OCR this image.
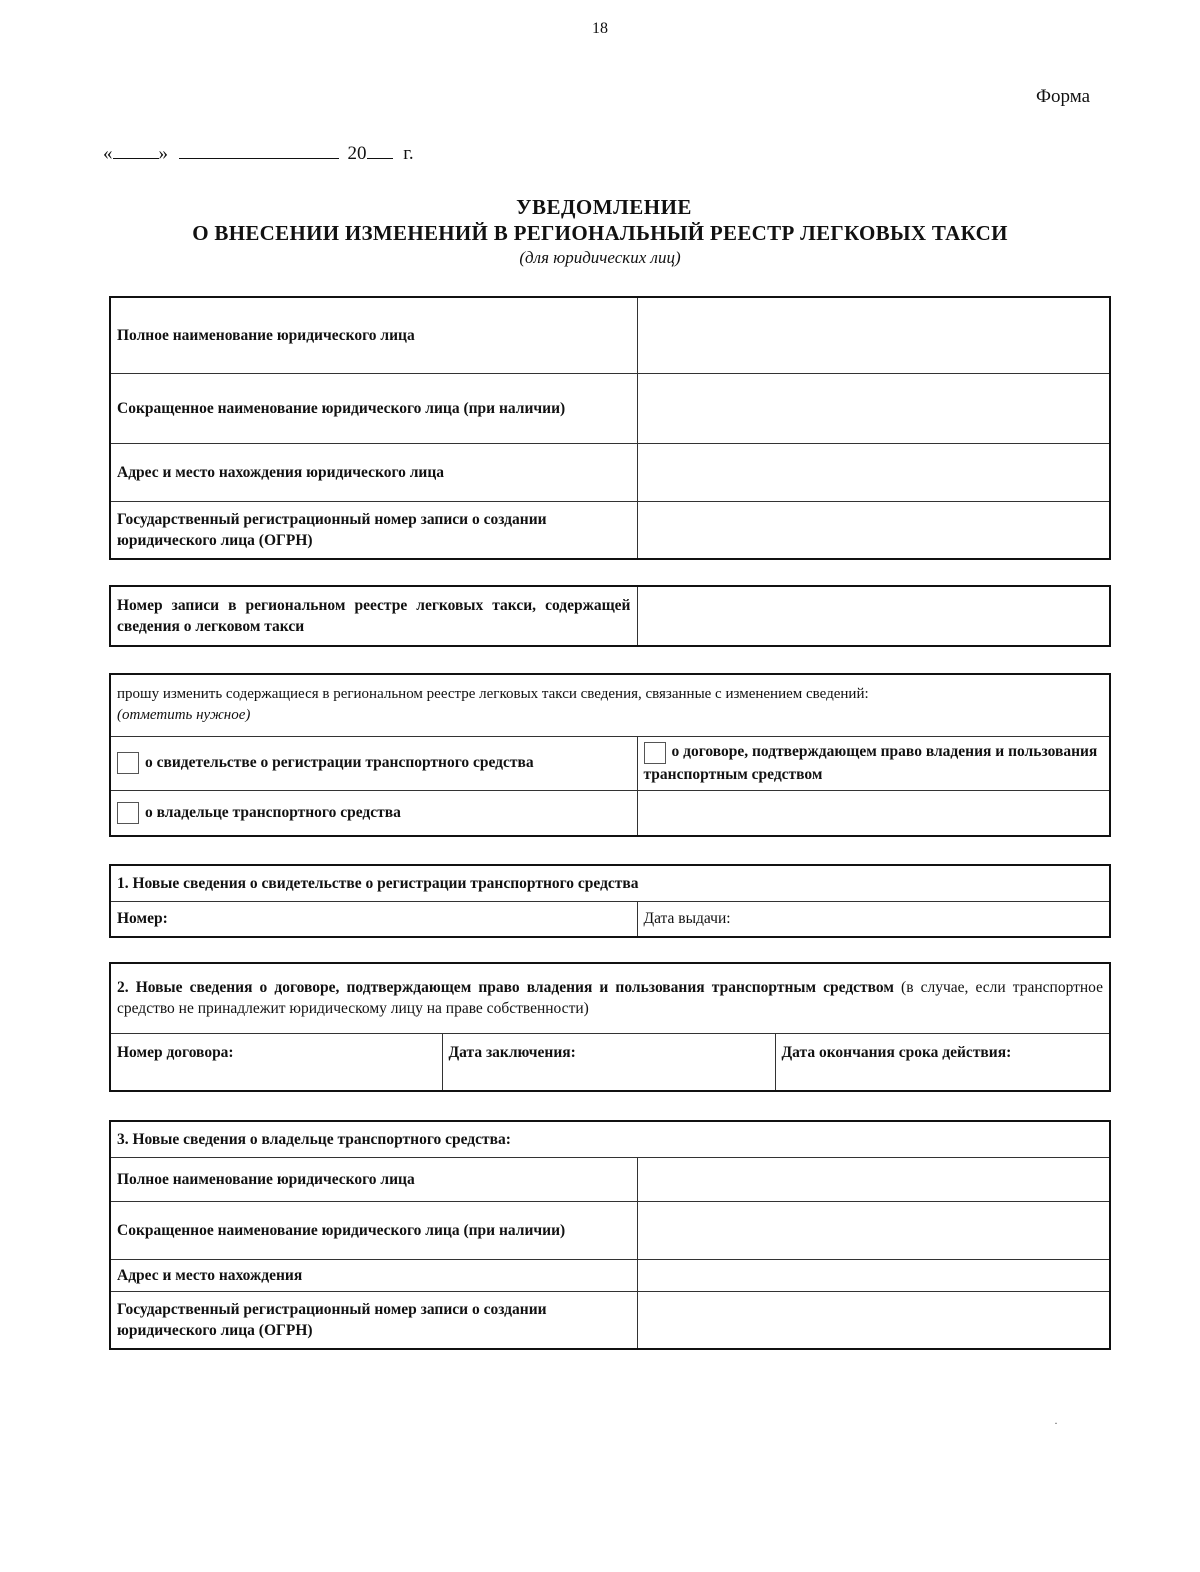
18
Форма
« »	20 г.
УВЕДОМЛЕНИЕ
О ВНЕСЕНИИ ИЗМЕНЕНИЙ В РЕГИОНАЛЬНЫЙ РЕЕСТР ЛЕГКОВЫХ ТАКСИ
(для юридических лиц)
Полное наименование юридического лица	
Сокращенное наименование юридического лица (при наличии)	
Адрес и место нахождения юридического лица	
Государственный регистрационный номер записи о создании юридического лица (ОГРН)	
Номер записи в региональном реестре легковых такси, содержащей сведения о легковом такси	
прошу изменить содержащиеся в региональном реестре легковых такси сведения, связанные с изменением сведений:
(отметить нужное)	

о свидетельстве о регистрации транспортного средства	о договоре, подтверждающем право владения и пользования транспортным средством
о владельце транспортного средства	
1. Новые сведения о свидетельстве о регистрации транспортного средства
Номер:	Дата выдачи:
2. Новые сведения о договоре, подтверждающем право владения и пользования транспортным средством (в случае, если транспортное средство не принадлежит юридическому лицу на праве собственности)
Номер договора:	Дата заключения:	Дата окончания срока действия:
3. Новые сведения о владельце транспортного средства:	
Полное наименование юридического лица	
Сокращенное наименование юридического лица (при наличии)	
Адрес и место нахождения	
Государственный регистрационный номер записи о создании юридического лица (ОГРН)	
·
